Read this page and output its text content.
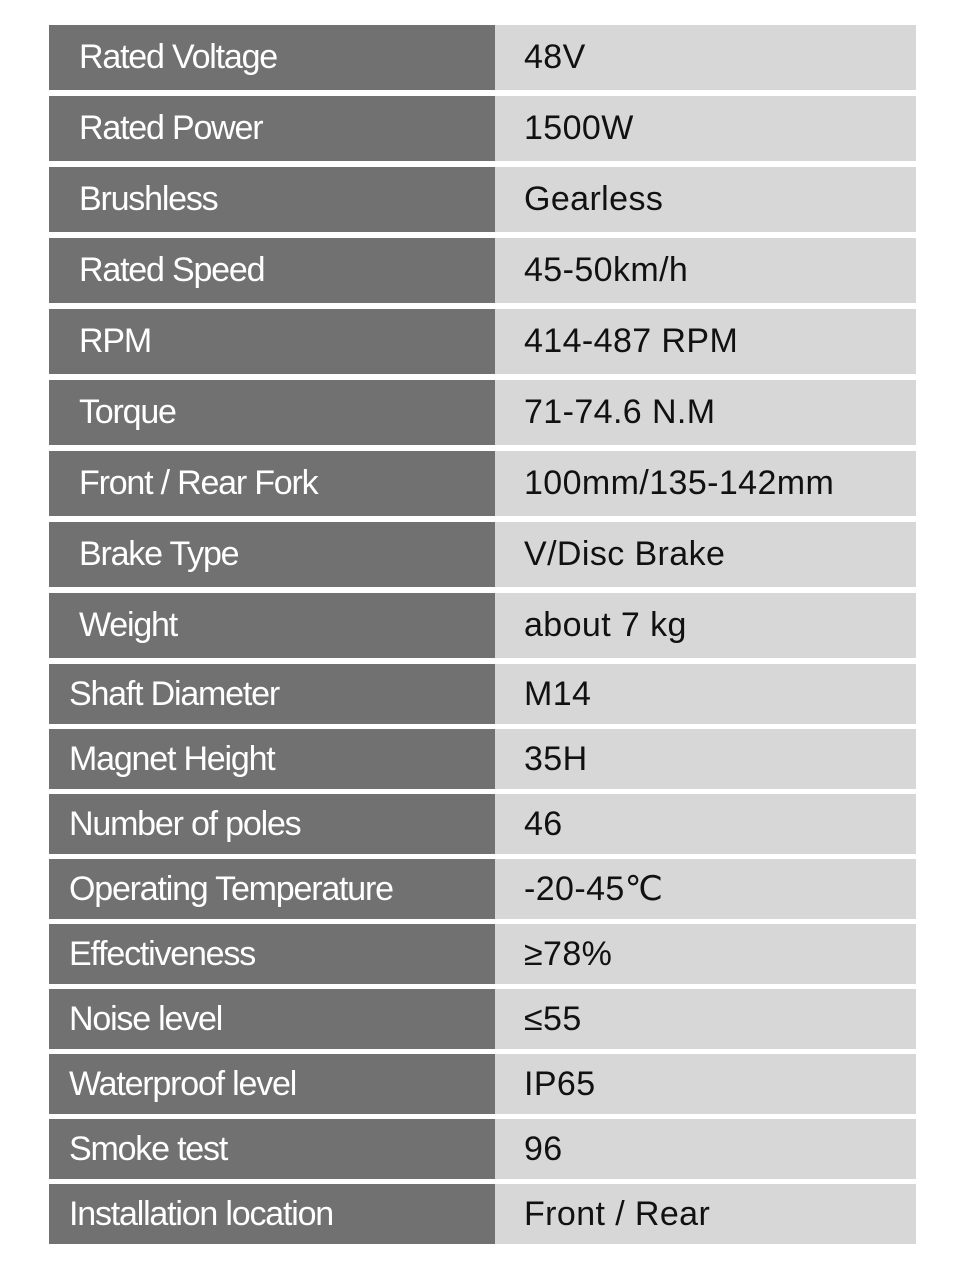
Rated Voltage	48V
Rated Power	1500W
Brushless	Gearless
Rated Speed	45-50km/h
RPM	414-487 RPM
Torque	71-74.6 N.M
Front / Rear Fork	100mm/135-142mm
Brake Type	V/Disc Brake
Weight	about 7 kg
Shaft Diameter	M14
Magnet Height	35H
Number of poles	46
Operating Temperature	-20-45℃
Effectiveness	≥78%
Noise level	≤55
Waterproof level	IP65
Smoke test	96
Installation location	Front / Rear
